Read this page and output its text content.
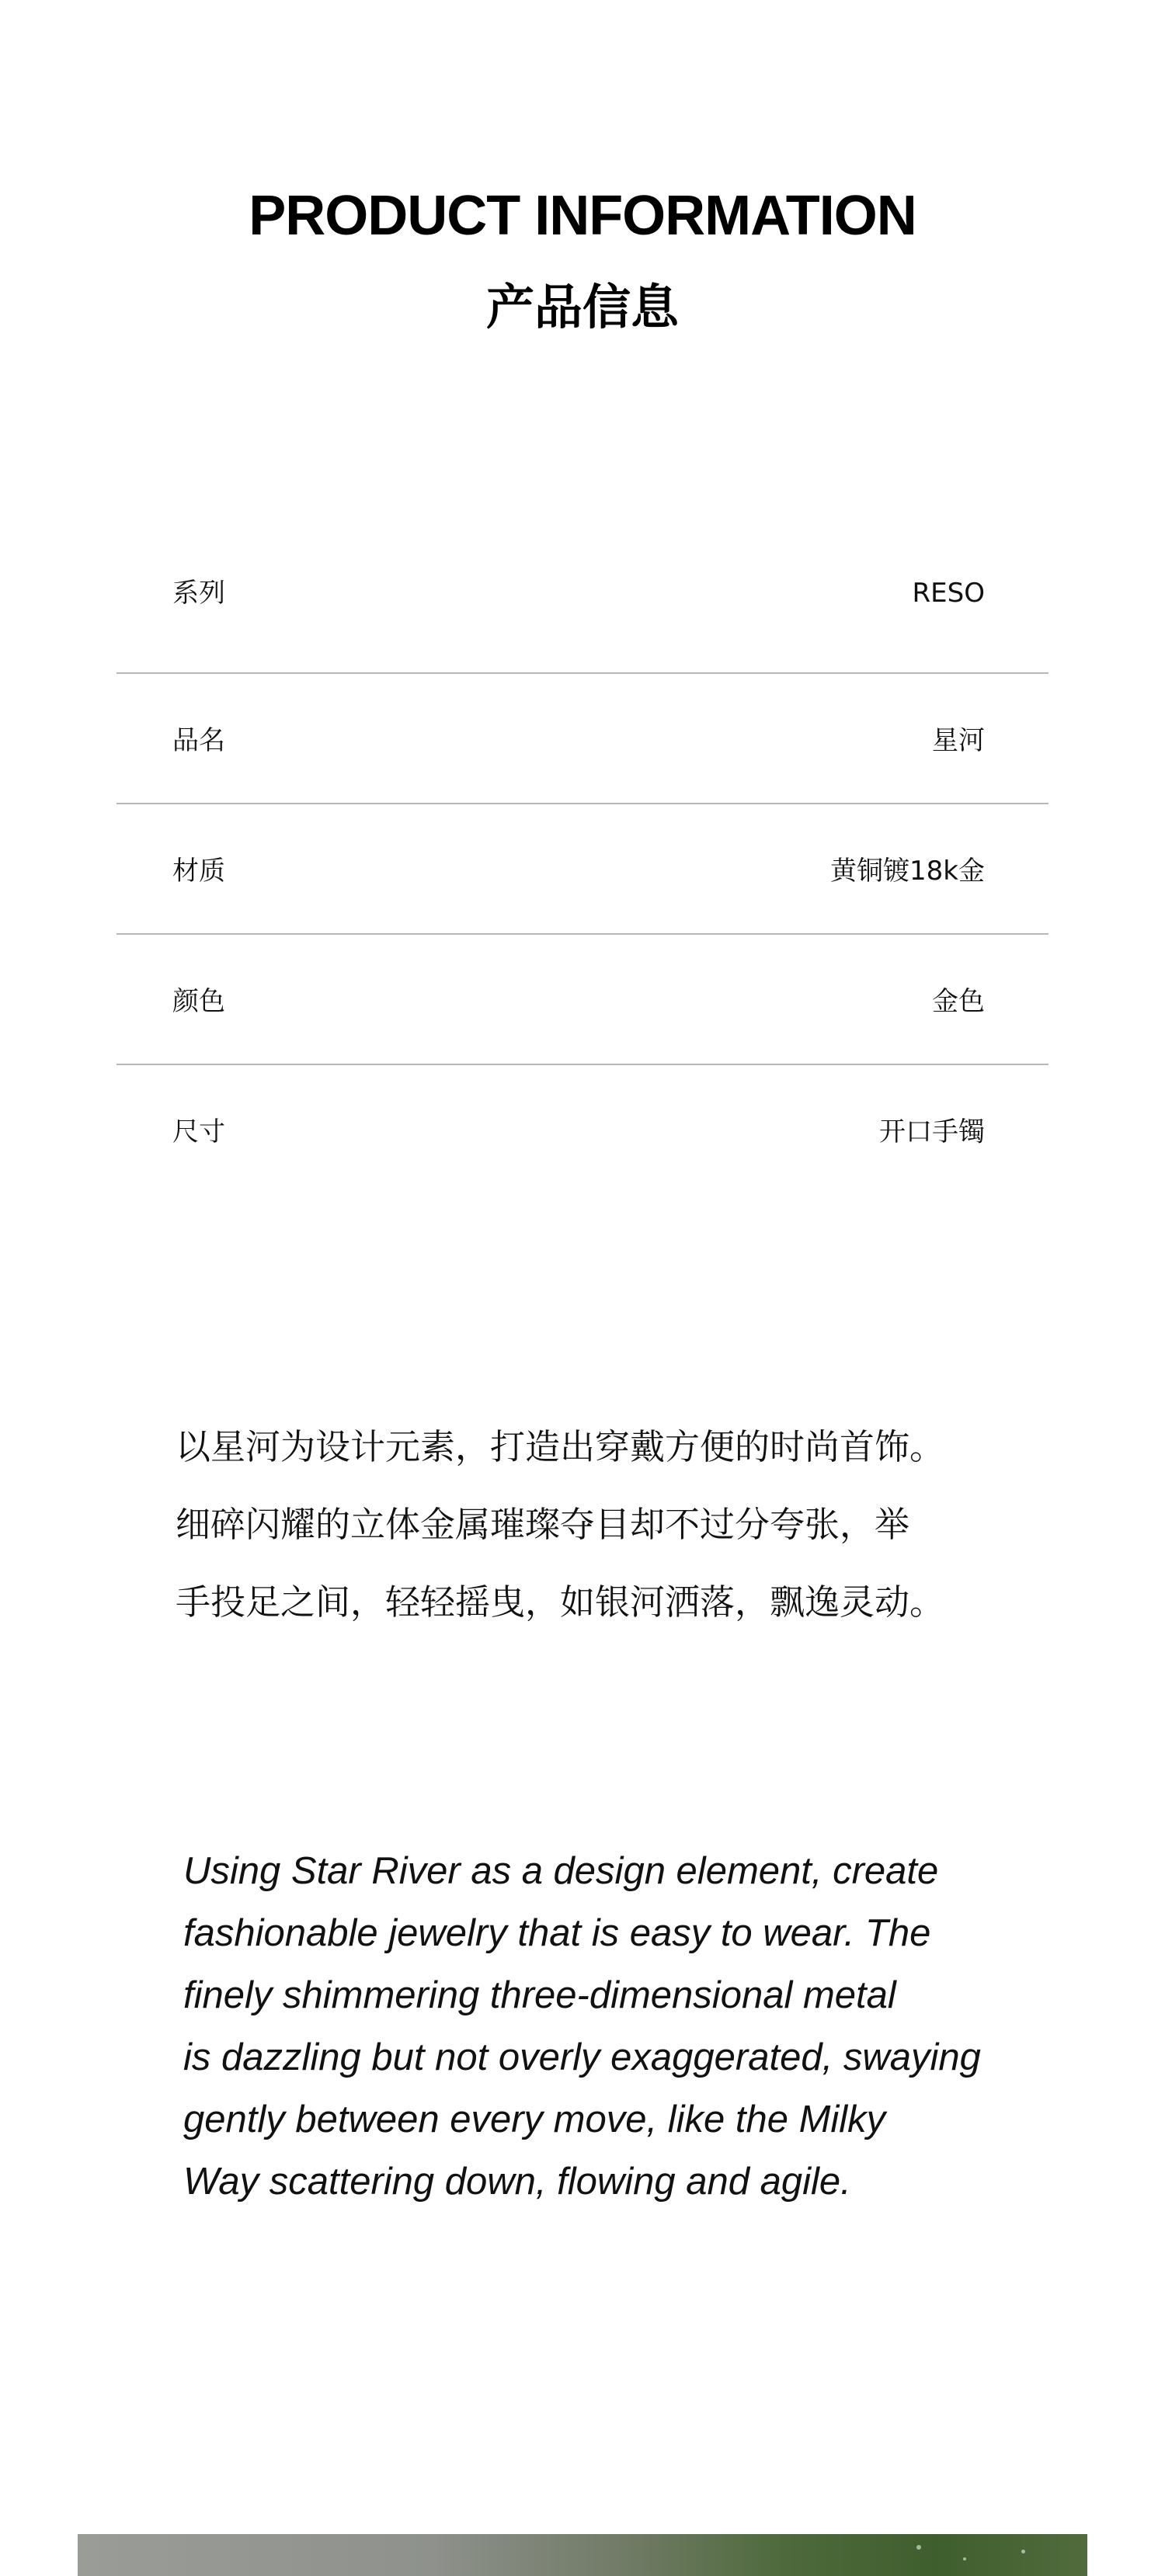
PRODUCT INFORMATION
产品信息
系列	RESO
品名	星河
材质	黄铜镀18k金
颜色	金色
尺寸	开口手镯
以星河为设计元素，打造出穿戴方便的时尚首饰。
细碎闪耀的立体金属璀璨夺目却不过分夸张，举
手投足之间，轻轻摇曳，如银河洒落，飘逸灵动。
Using Star River as a design element, create
fashionable jewelry that is easy to wear. The
finely shimmering three-dimensional metal
is dazzling but not overly exaggerated, swaying
gently between every move, like the Milky
Way scattering down, flowing and agile.
